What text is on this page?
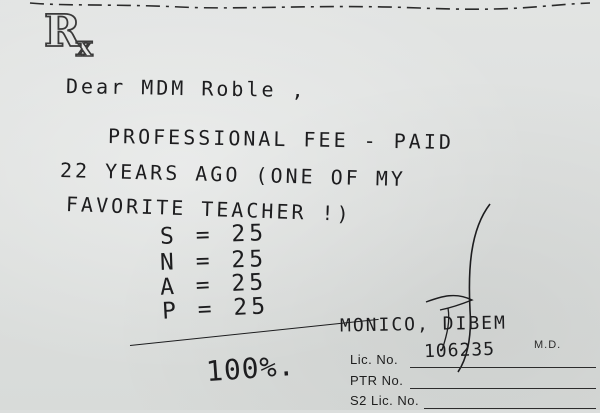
R
x
Rx

Dear MDM Roble ,

PROFESSIONAL FEE - PAID

22 YEARS AGO (ONE OF MY

FAVORITE TEACHER !)

S = 25
N = 25
A = 25
P = 25
100%.
MONICO, DIBEM
M.D.
Lic. No. 106235
PTR No.
S2 Lic. No.
